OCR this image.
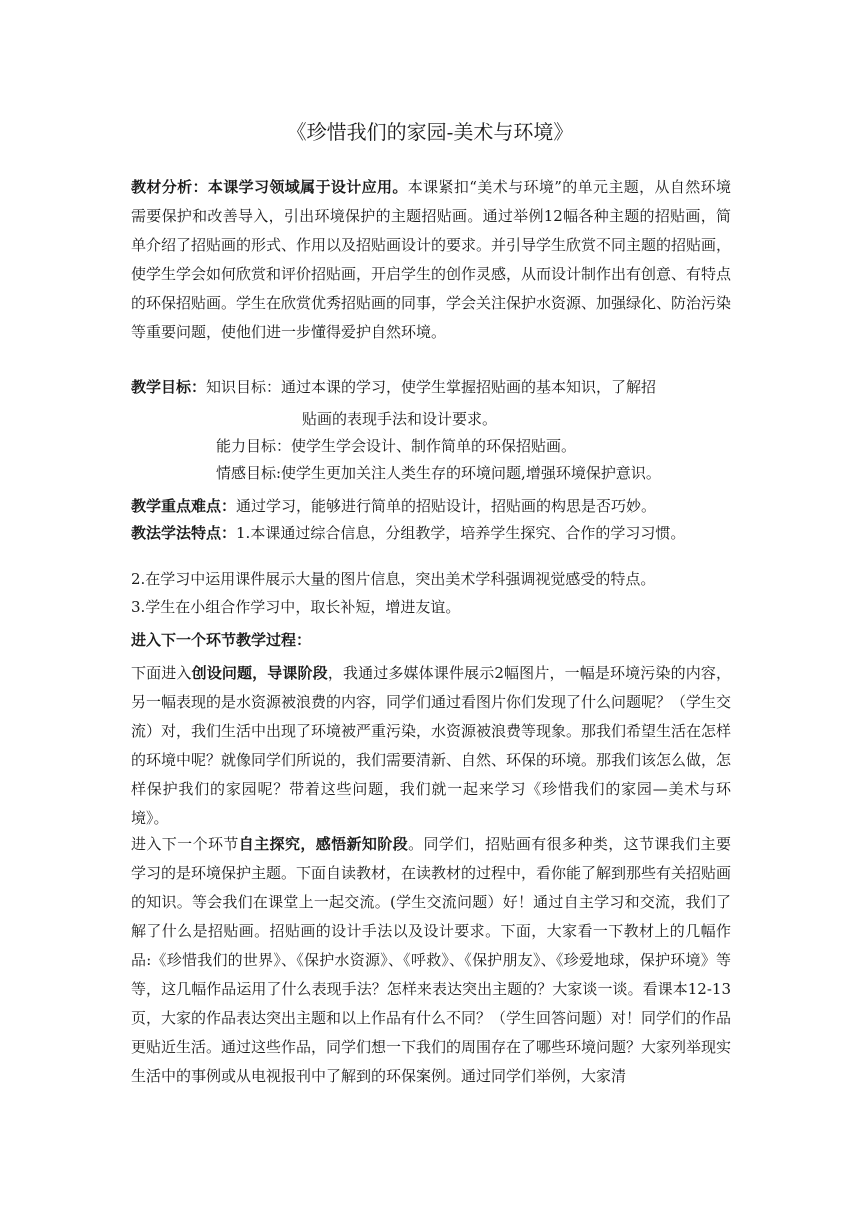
《珍惜我们的家园-美术与环境》
教材分析：本课学习领域属于设计应用。本课紧扣“美术与环境”的单元主题，从自然环境需要保护和改善导入，引出环境保护的主题招贴画。通过举例12幅各种主题的招贴画，简单介绍了招贴画的形式、作用以及招贴画设计的要求。并引导学生欣赏不同主题的招贴画，使学生学会如何欣赏和评价招贴画，开启学生的创作灵感，从而设计制作出有创意、有特点的环保招贴画。学生在欣赏优秀招贴画的同事，学会关注保护水资源、加强绿化、防治污染等重要问题，使他们进一步懂得爱护自然环境。
教学目标：知识目标：通过本课的学习，使学生掌握招贴画的基本知识，了解招
贴画的表现手法和设计要求。
能力目标：使学生学会设计、制作简单的环保招贴画。
情感目标:使学生更加关注人类生存的环境问题,增强环境保护意识。
教学重点难点：通过学习，能够进行简单的招贴设计，招贴画的构思是否巧妙。
教法学法特点：1.本课通过综合信息，分组教学，培养学生探究、合作的学习习惯。
2.在学习中运用课件展示大量的图片信息，突出美术学科强调视觉感受的特点。
3.学生在小组合作学习中，取长补短，增进友谊。
进入下一个环节教学过程：
下面进入创设问题，导课阶段，我通过多媒体课件展示2幅图片，一幅是环境污染的内容，另一幅表现的是水资源被浪费的内容，同学们通过看图片你们发现了什么问题呢？（学生交流）对，我们生活中出现了环境被严重污染，水资源被浪费等现象。那我们希望生活在怎样的环境中呢？就像同学们所说的，我们需要清新、自然、环保的环境。那我们该怎么做，怎样保护我们的家园呢？带着这些问题，我们就一起来学习《珍惜我们的家园—美术与环境》。
进入下一个环节自主探究，感悟新知阶段。同学们，招贴画有很多种类，这节课我们主要学习的是环境保护主题。下面自读教材，在读教材的过程中，看你能了解到那些有关招贴画的知识。等会我们在课堂上一起交流。(学生交流问题）好！通过自主学习和交流，我们了解了什么是招贴画。招贴画的设计手法以及设计要求。下面，大家看一下教材上的几幅作品:《珍惜我们的世界》、《保护水资源》、《呼救》、《保护朋友》、《珍爱地球，保护环境》等等，这几幅作品运用了什么表现手法？怎样来表达突出主题的？大家谈一谈。看课本12-13页，大家的作品表达突出主题和以上作品有什么不同？（学生回答问题）对！同学们的作品更贴近生活。通过这些作品，同学们想一下我们的周围存在了哪些环境问题？大家列举现实生活中的事例或从电视报刊中了解到的环保案例。通过同学们举例，大家清
